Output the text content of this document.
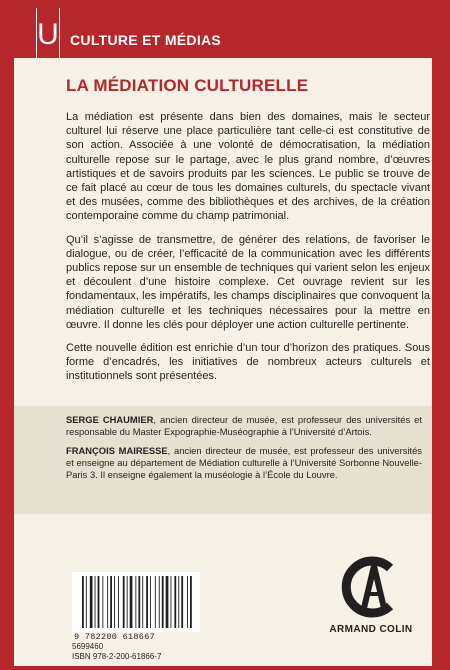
U CULTURE ET MÉDIAS
LA MÉDIATION CULTURELLE

La médiation est présente dans bien des domaines, mais le secteur culturel lui réserve une place particulière tant celle-ci est constitutive de son action. Associée à une volonté de démocratisation, la médiation culturelle repose sur le partage, avec le plus grand nombre, d’œuvres artistiques et de savoirs produits par les sciences. Le public se trouve de ce fait placé au cœur de tous les domaines culturels, du spectacle vivant et des musées, comme des bibliothèques et des archives, de la création contemporaine comme du champ patrimonial.

Qu’il s’agisse de transmettre, de générer des relations, de favoriser le dialogue, ou de créer, l’efficacité de la communication avec les différents publics repose sur un ensemble de techniques qui varient selon les enjeux et découlent d’une histoire complexe. Cet ouvrage revient sur les fondamentaux, les impératifs, les champs disciplinaires que convoquent la médiation culturelle et les techniques nécessaires pour la mettre en œuvre. Il donne les clés pour déployer une action culturelle pertinente.

Cette nouvelle édition est enrichie d’un tour d’horizon des pratiques. Sous forme d’encadrés, les initiatives de nombreux acteurs culturels et institutionnels sont présentées.

SERGE CHAUMIER, ancien directeur de musée, est professeur des universités et responsable du Master Expographie-Muséographie à l’Université d’Artois.
FRANÇOIS MAIRESSE, ancien directeur de musée, est professeur des universités et enseigne au département de Médiation culturelle à l’Université Sorbonne Nouvelle-Paris 3. Il enseigne également la muséologie à l’École du Louvre.
9 782200 618667
5699460
ISBN 978-2-200-61866-7
ARMAND COLIN
